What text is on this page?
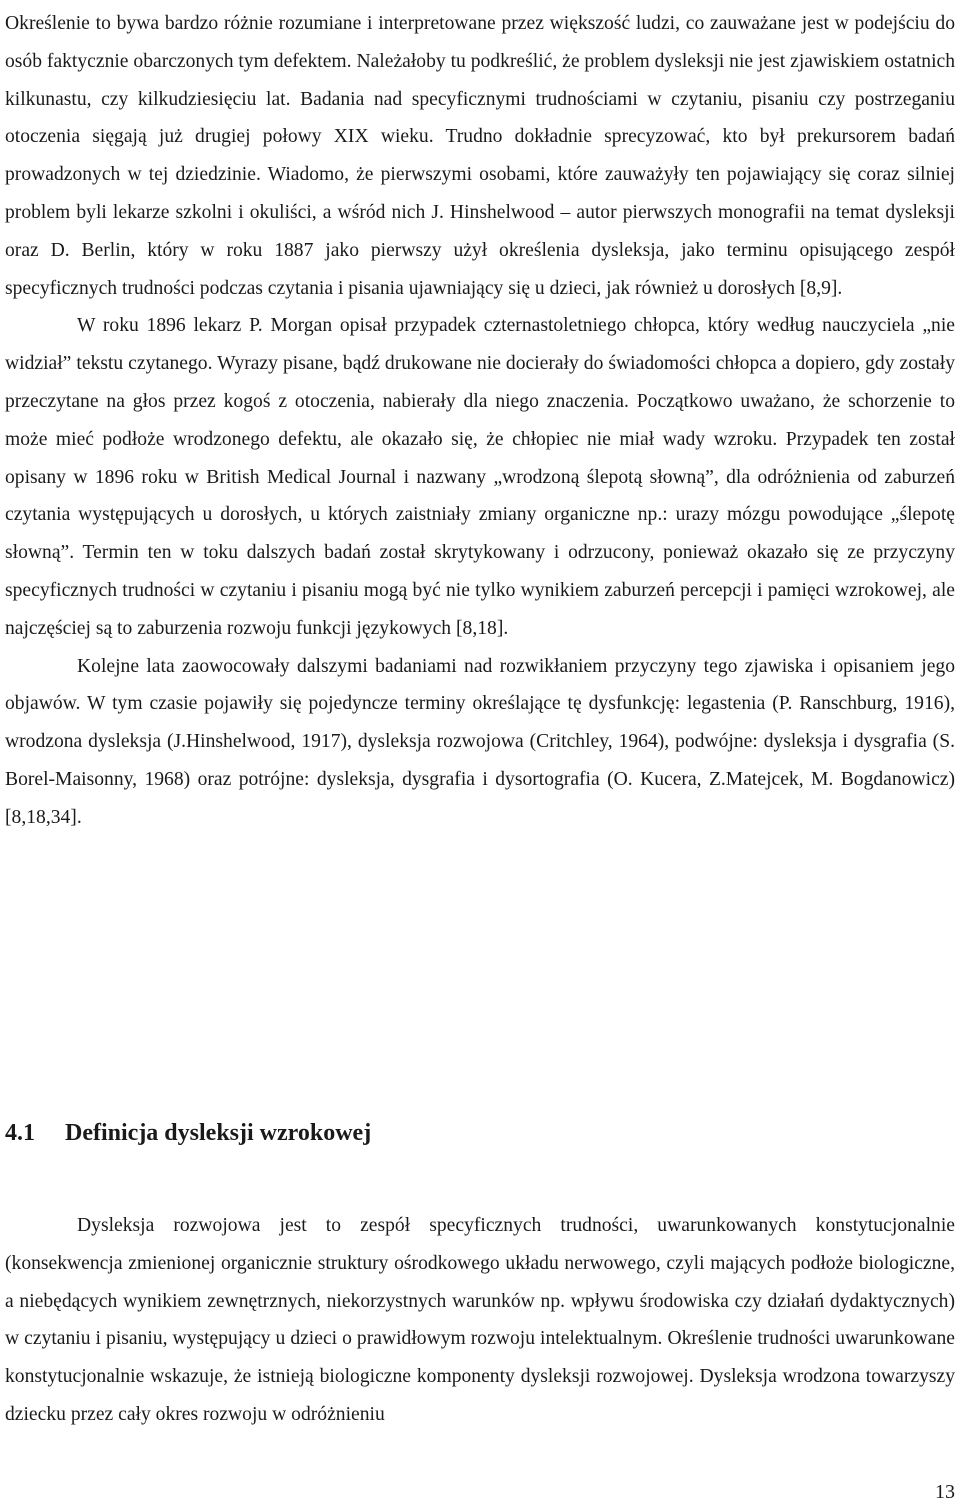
Określenie to bywa bardzo różnie rozumiane i interpretowane przez większość ludzi, co zauważane jest w podejściu do osób faktycznie obarczonych tym defektem. Należałoby tu podkreślić, że problem dysleksji nie jest zjawiskiem ostatnich kilkunastu, czy kilkudziesięciu lat. Badania nad specyficznymi trudnościami w czytaniu, pisaniu czy postrzeganiu otoczenia sięgają już drugiej połowy XIX wieku. Trudno dokładnie sprecyzować, kto był prekursorem badań prowadzonych w tej dziedzinie. Wiadomo, że pierwszymi osobami, które zauważyły ten pojawiający się coraz silniej problem byli lekarze szkolni i okuliści, a wśród nich J. Hinshelwood – autor pierwszych monografii na temat dysleksji oraz D. Berlin, który w roku 1887 jako pierwszy użył określenia dysleksja, jako terminu opisującego zespół specyficznych trudności podczas czytania i pisania ujawniający się u dzieci, jak również u dorosłych [8,9].

W roku 1896 lekarz P. Morgan opisał przypadek czternastoletniego chłopca, który według nauczyciela „nie widział” tekstu czytanego. Wyrazy pisane, bądź drukowane nie docierały do świadomości chłopca a dopiero, gdy zostały przeczytane na głos przez kogoś z otoczenia, nabierały dla niego znaczenia. Początkowo uważano, że schorzenie to może mieć podłoże wrodzonego defektu, ale okazało się, że chłopiec nie miał wady wzroku. Przypadek ten został opisany w 1896 roku w British Medical Journal i nazwany „wrodzoną ślepotą słowną”, dla odróżnienia od zaburzeń czytania występujących u dorosłych, u których zaistniały zmiany organiczne np.: urazy mózgu powodujące „ślepotę słowną”. Termin ten w toku dalszych badań został skrytykowany i odrzucony, ponieważ okazało się ze przyczyny specyficznych trudności w czytaniu i pisaniu mogą być nie tylko wynikiem zaburzeń percepcji i pamięci wzrokowej, ale najczęściej są to zaburzenia rozwoju funkcji językowych [8,18].

Kolejne lata zaowocowały dalszymi badaniami nad rozwikłaniem przyczyny tego zjawiska i opisaniem jego objawów. W tym czasie pojawiły się pojedyncze terminy określające tę dysfunkcję: legastenia (P. Ranschburg, 1916), wrodzona dysleksja (J.Hinshelwood, 1917), dysleksja rozwojowa (Critchley, 1964), podwójne: dysleksja i dysgrafia (S. Borel-Maisonny, 1968) oraz potrójne: dysleksja, dysgrafia i dysortografia (O. Kucera, Z.Matejcek, M. Bogdanowicz) [8,18,34].

4.1 Definicja dysleksji wzrokowej

Dysleksja rozwojowa jest to zespół specyficznych trudności, uwarunkowanych konstytucjonalnie (konsekwencja zmienionej organicznie struktury ośrodkowego układu nerwowego, czyli mających podłoże biologiczne, a niebędących wynikiem zewnętrznych, niekorzystnych warunków np. wpływu środowiska czy działań dydaktycznych) w czytaniu i pisaniu, występujący u dzieci o prawidłowym rozwoju intelektualnym. Określenie trudności uwarunkowane konstytucjonalnie wskazuje, że istnieją biologiczne komponenty dysleksji rozwojowej. Dysleksja wrodzona towarzyszy dziecku przez cały okres rozwoju w odróżnieniu

13
